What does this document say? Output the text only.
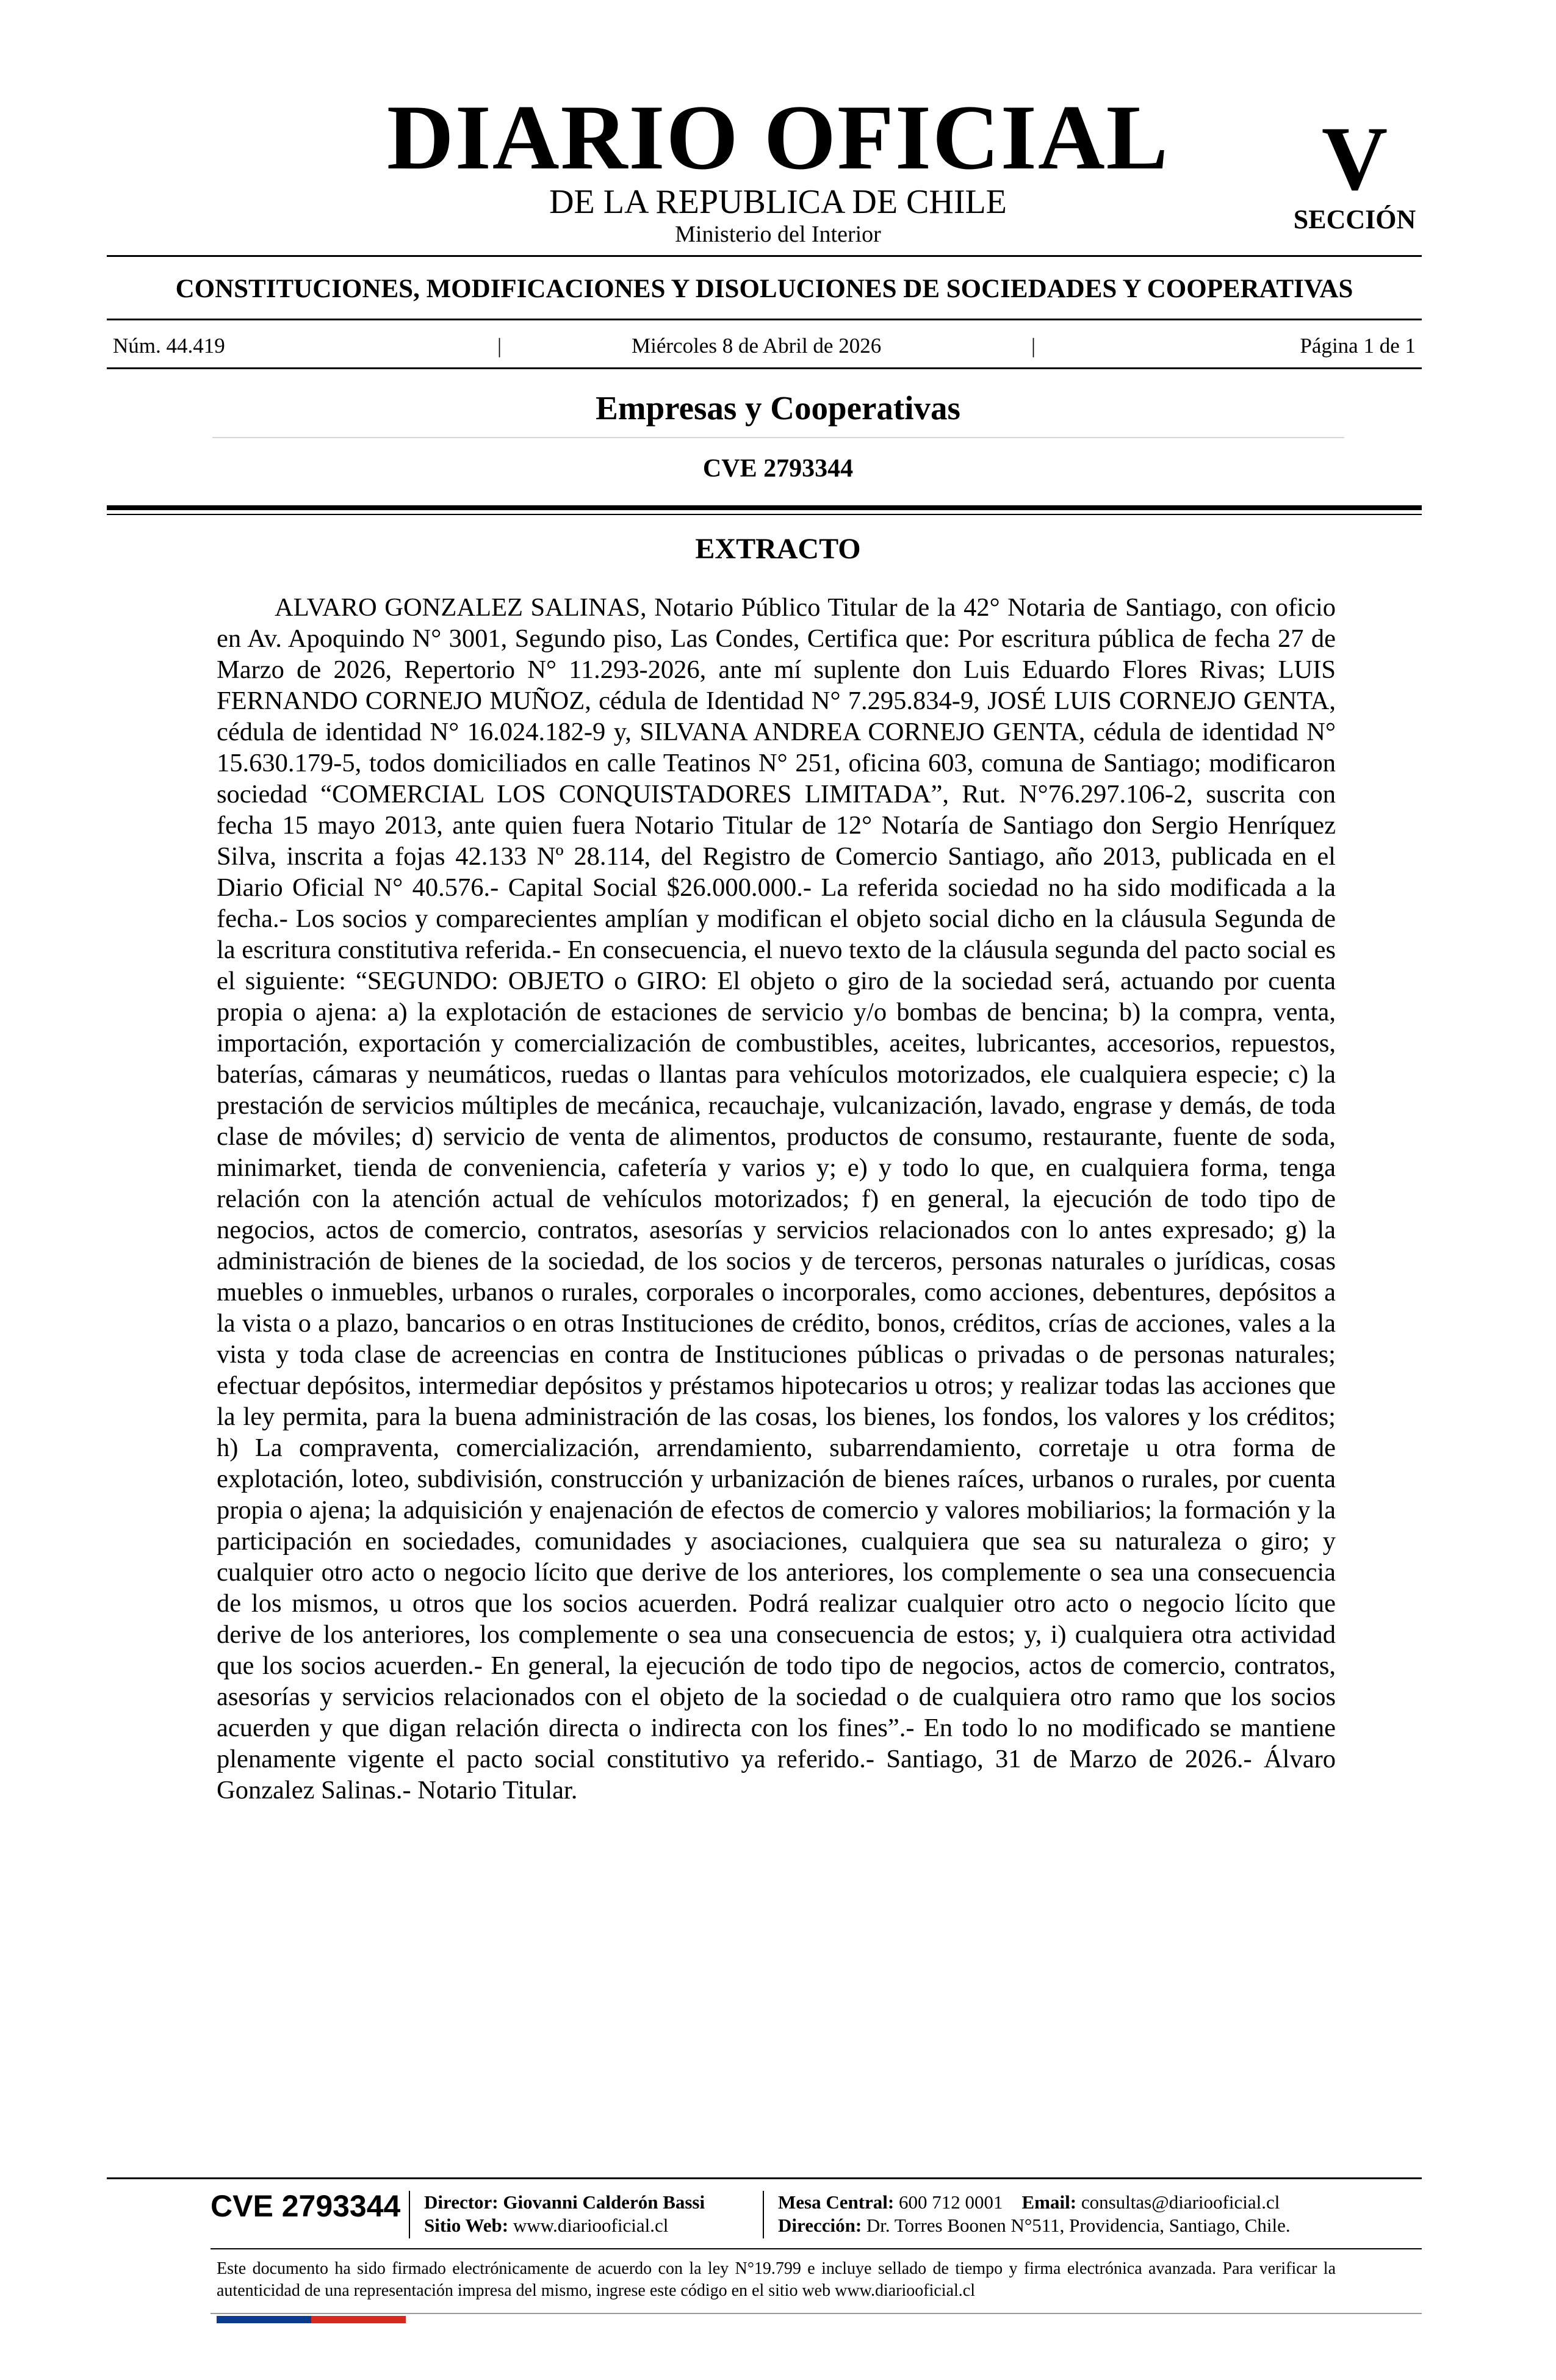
DIARIO OFICIAL
DE LA REPUBLICA DE CHILE
Ministerio del Interior
V
SECCIÓN
CONSTITUCIONES, MODIFICACIONES Y DISOLUCIONES DE SOCIEDADES Y COOPERATIVAS
Núm. 44.419	|	Miércoles 8 de Abril de 2026	|	Página 1 de 1
Empresas y Cooperativas
CVE 2793344
EXTRACTO

ALVARO GONZALEZ SALINAS, Notario Público Titular de la 42° Notaria de Santiago, con oficio en Av. Apoquindo N° 3001, Segundo piso, Las Condes, Certifica que: Por escritura pública de fecha 27 de Marzo de 2026, Repertorio N° 11.293-2026, ante mí suplente don Luis Eduardo Flores Rivas; LUIS FERNANDO CORNEJO MUÑOZ, cédula de Identidad N° 7.295.834-9, JOSÉ LUIS CORNEJO GENTA, cédula de identidad N° 16.024.182-9 y, SILVANA ANDREA CORNEJO GENTA, cédula de identidad N° 15.630.179-5, todos domiciliados en calle Teatinos N° 251, oficina 603, comuna de Santiago; modificaron sociedad “COMERCIAL LOS CONQUISTADORES LIMITADA”, Rut. N°76.297.106-2, suscrita con fecha 15 mayo 2013, ante quien fuera Notario Titular de 12° Notaría de Santiago don Sergio Henríquez Silva, inscrita a fojas 42.133 Nº 28.114, del Registro de Comercio Santiago, año 2013, publicada en el Diario Oficial N° 40.576.- Capital Social $26.000.000.- La referida sociedad no ha sido modificada a la fecha.- Los socios y comparecientes amplían y modifican el objeto social dicho en la cláusula Segunda de la escritura constitutiva referida.- En consecuencia, el nuevo texto de la cláusula segunda del pacto social es el siguiente: “SEGUNDO: OBJETO o GIRO: El objeto o giro de la sociedad será, actuando por cuenta propia o ajena: a) la explotación de estaciones de servicio y/o bombas de bencina; b) la compra, venta, importación, exportación y comercialización de combustibles, aceites, lubricantes, accesorios, repuestos, baterías, cámaras y neumáticos, ruedas o llantas para vehículos motorizados, ele cualquiera especie; c) la prestación de servicios múltiples de mecánica, recauchaje, vulcanización, lavado, engrase y demás, de toda clase de móviles; d) servicio de venta de alimentos, productos de consumo, restaurante, fuente de soda, minimarket, tienda de conveniencia, cafetería y varios y; e) y todo lo que, en cualquiera forma, tenga relación con la atención actual de vehículos motorizados; f) en general, la ejecución de todo tipo de negocios, actos de comercio, contratos, asesorías y servicios relacionados con lo antes expresado; g) la administración de bienes de la sociedad, de los socios y de terceros, personas naturales o jurídicas, cosas muebles o inmuebles, urbanos o rurales, corporales o incorporales, como acciones, debentures, depósitos a la vista o a plazo, bancarios o en otras Instituciones de crédito, bonos, créditos, crías de acciones, vales a la vista y toda clase de acreencias en contra de Instituciones públicas o privadas o de personas naturales; efectuar depósitos, intermediar depósitos y préstamos hipotecarios u otros; y realizar todas las acciones que la ley permita, para la buena administración de las cosas, los bienes, los fondos, los valores y los créditos; h) La compraventa, comercialización, arrendamiento, subarrendamiento, corretaje u otra forma de explotación, loteo, subdivisión, construcción y urbanización de bienes raíces, urbanos o rurales, por cuenta propia o ajena; la adquisición y enajenación de efectos de comercio y valores mobiliarios; la formación y la participación en sociedades, comunidades y asociaciones, cualquiera que sea su naturaleza o giro; y cualquier otro acto o negocio lícito que derive de los anteriores, los complemente o sea una consecuencia de los mismos, u otros que los socios acuerden. Podrá realizar cualquier otro acto o negocio lícito que derive de los anteriores, los complemente o sea una consecuencia de estos; y, i) cualquiera otra actividad que los socios acuerden.- En general, la ejecución de todo tipo de negocios, actos de comercio, contratos, asesorías y servicios relacionados con el objeto de la sociedad o de cualquiera otro ramo que los socios acuerden y que digan relación directa o indirecta con los fines”.- En todo lo no modificado se mantiene plenamente vigente el pacto social constitutivo ya referido.- Santiago, 31 de Marzo de 2026.- Álvaro Gonzalez Salinas.- Notario Titular.

CVE 2793344 Director: Giovanni Calderón Bassi
Sitio Web: www.diariooficial.cl
Mesa Central: 600 712 0001 Email: consultas@diariooficial.cl
Dirección: Dr. Torres Boonen N°511, Providencia, Santiago, Chile.
Este documento ha sido firmado electrónicamente de acuerdo con la ley N°19.799 e incluye sellado de tiempo y firma electrónica avanzada. Para verificar la autenticidad de una representación impresa del mismo, ingrese este código en el sitio web www.diariooficial.cl
